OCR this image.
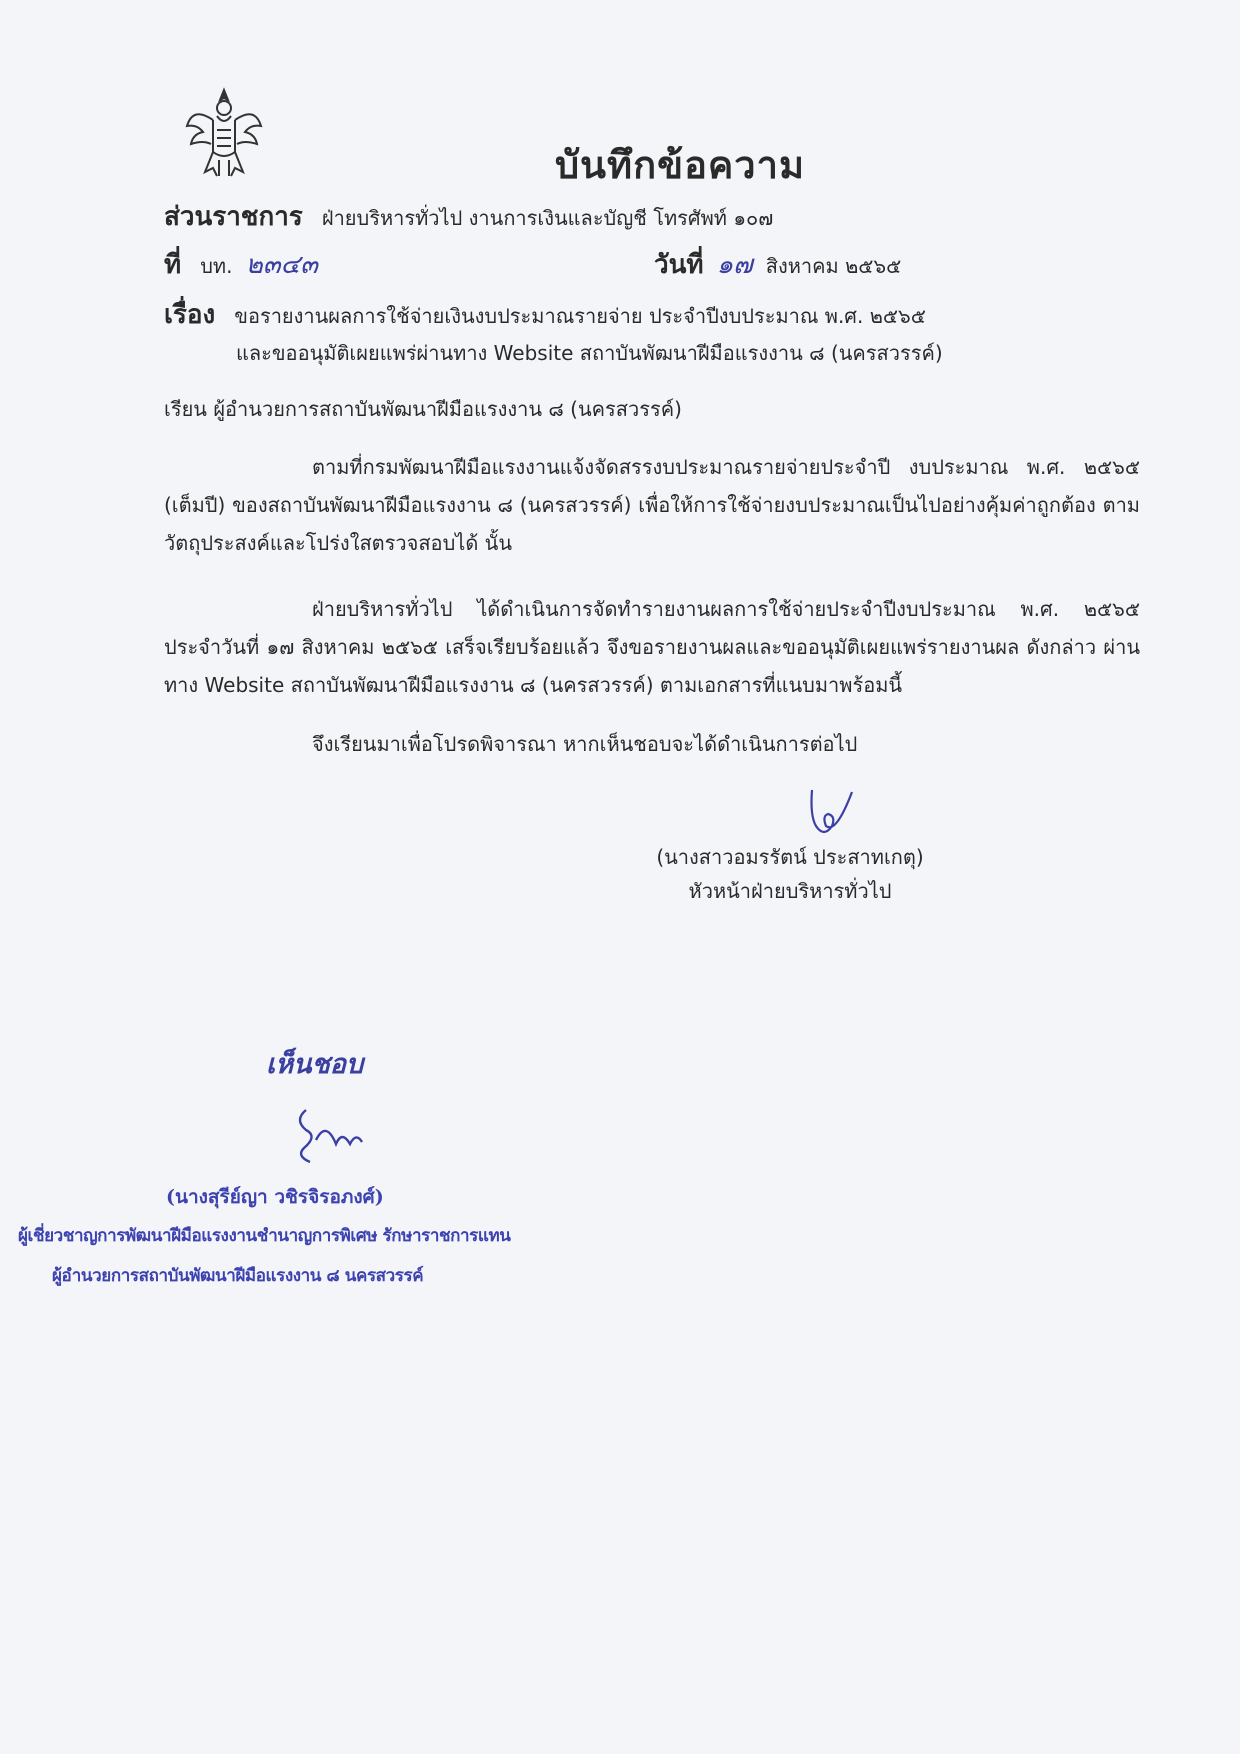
บันทึกข้อความ
ส่วนราชการ ฝ่ายบริหารทั่วไป งานการเงินและบัญชี โทรศัพท์ ๑๐๗
ที่ บท. ๒๓๔๓	วันที่ ๑๗ สิงหาคม ๒๕๖๕
เรื่อง ขอรายงานผลการใช้จ่ายเงินงบประมาณรายจ่าย ประจำปีงบประมาณ พ.ศ. ๒๕๖๕
และขออนุมัติเผยแพร่ผ่านทาง Website สถาบันพัฒนาฝีมือแรงงาน ๘ (นครสวรรค์)
เรียน ผู้อำนวยการสถาบันพัฒนาฝีมือแรงงาน ๘ (นครสวรรค์)
ตามที่กรมพัฒนาฝีมือแรงงานแจ้งจัดสรรงบประมาณรายจ่ายประจำปี งบประมาณ พ.ศ. ๒๕๖๕ (เต็มปี) ของสถาบันพัฒนาฝีมือแรงงาน ๘ (นครสวรรค์) เพื่อให้การใช้จ่ายงบประมาณเป็นไปอย่างคุ้มค่าถูกต้อง ตามวัตถุประสงค์และโปร่งใสตรวจสอบได้ นั้น
ฝ่ายบริหารทั่วไป ได้ดำเนินการจัดทำรายงานผลการใช้จ่ายประจำปีงบประมาณ พ.ศ. ๒๕๖๕ ประจำวันที่ ๑๗ สิงหาคม ๒๕๖๕ เสร็จเรียบร้อยแล้ว จึงขอรายงานผลและขออนุมัติเผยแพร่รายงานผล ดังกล่าว ผ่านทาง Website สถาบันพัฒนาฝีมือแรงงาน ๘ (นครสวรรค์) ตามเอกสารที่แนบมาพร้อมนี้
จึงเรียนมาเพื่อโปรดพิจารณา หากเห็นชอบจะได้ดำเนินการต่อไป
(นางสาวอมรรัตน์ ประสาทเกตุ)
หัวหน้าฝ่ายบริหารทั่วไป
เห็นชอบ
(นางสุรีย์ญา วชิรจิรอภงศ์)
ผู้เชี่ยวชาญการพัฒนาฝีมือแรงงานชำนาญการพิเศษ รักษาราชการแทน
ผู้อำนวยการสถาบันพัฒนาฝีมือแรงงาน ๘ นครสวรรค์
